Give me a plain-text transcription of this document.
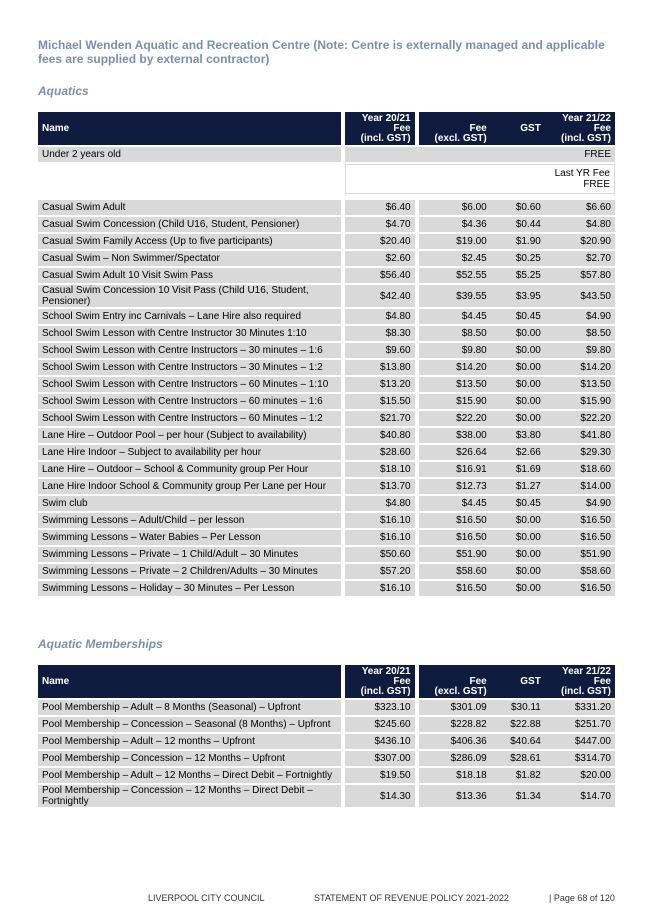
Michael Wenden Aquatic and Recreation Centre (Note: Centre is externally managed and applicable fees are supplied by external contractor)
Aquatics
Name		Year 20/21
Fee
(incl. GST)		Fee
(excl. GST)	GST	Year 21/22
Fee
(incl. GST)

Under 2 years old		FREE				

		Last YR Fee
FREE				

Casual Swim Adult		$6.40		$6.00	$0.60	$6.60
Casual Swim Concession (Child U16, Student, Pensioner)		$4.70		$4.36	$0.44	$4.80
Casual Swim Family Access (Up to five participants)		$20.40		$19.00	$1.90	$20.90
Casual Swim – Non Swimmer/Spectator		$2.60		$2.45	$0.25	$2.70
Casual Swim Adult 10 Visit Swim Pass		$56.40		$52.55	$5.25	$57.80
Casual Swim Concession 10 Visit Pass (Child U16, Student, Pensioner)		$42.40		$39.55	$3.95	$43.50
School Swim Entry inc Carnivals – Lane Hire also required		$4.80		$4.45	$0.45	$4.90
School Swim Lesson with Centre Instructor 30 Minutes 1:10		$8.30		$8.50	$0.00	$8.50
School Swim Lesson with Centre Instructors – 30 minutes – 1:6		$9.60		$9.80	$0.00	$9.80
School Swim Lesson with Centre Instructors – 30 Minutes – 1:2		$13.80		$14.20	$0.00	$14.20
School Swim Lesson with Centre Instructors – 60 Minutes – 1:10		$13.20		$13.50	$0.00	$13.50
School Swim Lesson with Centre Instructors – 60 minutes – 1:6		$15.50		$15.90	$0.00	$15.90
School Swim Lesson with Centre Instructors – 60 Minutes – 1:2		$21.70		$22.20	$0.00	$22.20
Lane Hire – Outdoor Pool – per hour (Subject to availability)		$40.80		$38.00	$3.80	$41.80
Lane Hire Indoor – Subject to availability per hour		$28.60		$26.64	$2.66	$29.30
Lane Hire – Outdoor – School & Community group Per Hour		$18.10		$16.91	$1.69	$18.60
Lane Hire Indoor School & Community group Per Lane per Hour		$13.70		$12.73	$1.27	$14.00
Swim club		$4.80		$4.45	$0.45	$4.90
Swimming Lessons – Adult/Child – per lesson		$16.10		$16.50	$0.00	$16.50
Swimming Lessons – Water Babies – Per Lesson		$16.10		$16.50	$0.00	$16.50
Swimming Lessons – Private – 1 Child/Adult – 30 Minutes		$50.60		$51.90	$0.00	$51.90
Swimming Lessons – Private – 2 Children/Adults – 30 Minutes		$57.20		$58.60	$0.00	$58.60
Swimming Lessons – Holiday – 30 Minutes – Per Lesson		$16.10		$16.50	$0.00	$16.50
Aquatic Memberships
Name		Year 20/21
Fee
(incl. GST)		Fee
(excl. GST)	GST	Year 21/22
Fee
(incl. GST)

Pool Membership – Adult – 8 Months (Seasonal) – Upfront		$323.10		$301.09	$30.11	$331.20
Pool Membership – Concession – Seasonal (8 Months) – Upfront		$245.60		$228.82	$22.88	$251.70
Pool Membership – Adult – 12 months – Upfront		$436.10		$406.36	$40.64	$447.00
Pool Membership – Concession – 12 Months – Upfront		$307.00		$286.09	$28.61	$314.70
Pool Membership – Adult – 12 Months – Direct Debit – Fortnightly		$19.50		$18.18	$1.82	$20.00
Pool Membership – Concession – 12 Months – Direct Debit – Fortnightly		$14.30		$13.36	$1.34	$14.70
LIVERPOOL CITY COUNCIL	STATEMENT OF REVENUE POLICY 2021-2022	| Page 68 of 120
